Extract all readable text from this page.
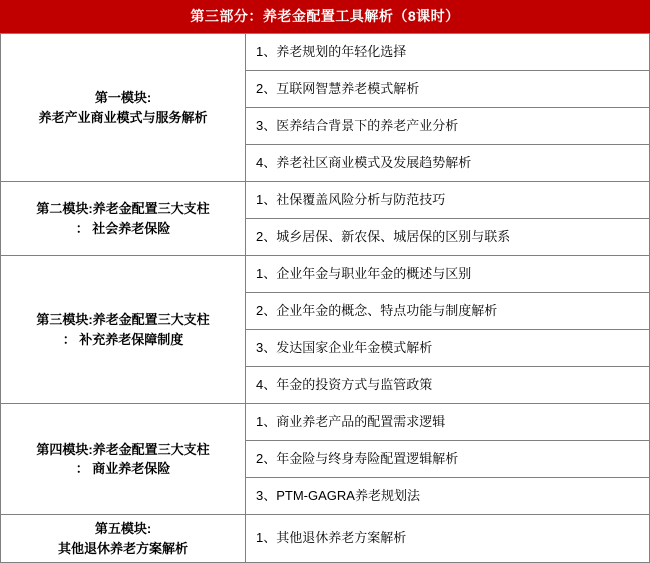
第三部分：养老金配置工具解析（8课时）
第一模块:
养老产业商业模式与服务解析	1、养老规划的年轻化选择
	2、互联网智慧养老模式解析
	3、医养结合背景下的养老产业分析
	4、养老社区商业模式及发展趋势解析

第二模块:养老金配置三大支柱
： 社会养老保险	1、社保覆盖风险分析与防范技巧
	2、城乡居保、新农保、城居保的区别与联系

第三模块:养老金配置三大支柱
： 补充养老保障制度	1、企业年金与职业年金的概述与区别
	2、企业年金的概念、特点功能与制度解析
	3、发达国家企业年金模式解析
	4、年金的投资方式与监管政策

第四模块:养老金配置三大支柱
： 商业养老保险	1、商业养老产品的配置需求逻辑
	2、年金险与终身寿险配置逻辑解析
	3、PTM-GAGRA养老规划法

第五模块:
其他退休养老方案解析	1、其他退休养老方案解析
